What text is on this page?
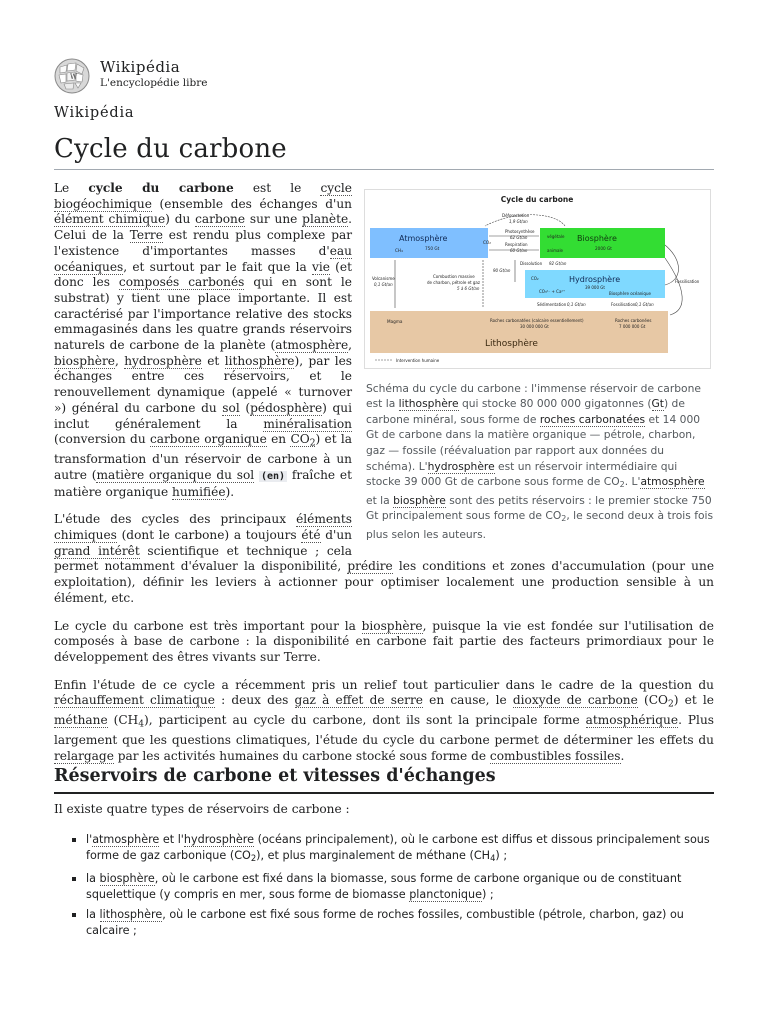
W
Wikipédia
L'encyclopédie libre
Wikipédia
Cycle du carbone
Cycle du carbone
Atmosphère
750 Gt
CH₄
CO₂	Biosphère
2000 Gt
végétale
animale
Déforestation
1,9 Gt/an
Photosynthèse
62 Gt/an
Respiration
60 Gt/an
Dissolution 92 Gt/an
90 Gt/an
Hydrosphère
39 000 Gt
CO₂
CO₃²⁻ + Ca²⁺	Biosphère océanique
Fossilisation
Volcanisme
0,1 Gt/an
Combustion massive
de charbon, pétrole et gaz
5 à 6 Gt/an
Sédimentation 0,1 Gt/an	Fossilisation 0,1 Gt/an
Magma	Roches carbonatées (calcaire essentiellement)
30 000 000 Gt
Roches carbonées
7 000 000 Gt
Lithosphère
Intervention humaine
Schéma du cycle du carbone : l'immense réservoir de carbone est la lithosphère qui stocke 80 000 000 gigatonnes (Gt) de carbone minéral, sous forme de roches carbonatées et 14 000 Gt de carbone dans la matière organique — pétrole, charbon, gaz — fossile (réévaluation par rapport aux données du schéma). L'hydrosphère est un réservoir intermédiaire qui stocke 39 000 Gt de carbone sous forme de $CO_2$. L'atmosphère et la biosphère sont des petits réservoirs : le premier stocke 750 Gt principalement sous forme de $CO_2$, le second deux à trois fois plus selon les auteurs.

Le cycle du carbone est le cycle biogéochimique (ensemble des échanges d'un élément chimique) du carbone sur une planète. Celui de la Terre est rendu plus complexe par l'existence d'importantes masses d'eau océaniques, et surtout par le fait que la vie (et donc les composés carbonés qui en sont le substrat) y tient une place importante. Il est caractérisé par l'importance relative des stocks emmagasinés dans les quatre grands réservoirs naturels de carbone de la planète (atmosphère, biosphère, hydrosphère et lithosphère), par les échanges entre ces réservoirs, et le renouvellement dynamique (appelé « turnover ») général du carbone du sol (pédosphère) qui inclut généralement la minéralisation (conversion du carbone organique en $CO_2$) et la transformation d'un réservoir de carbone à un autre (matière organique du sol (en) fraîche et matière organique humifiée).

L'étude des cycles des principaux éléments chimiques (dont le carbone) a toujours été d'un grand intérêt scientifique et technique ; cela permet notamment d'évaluer la disponibilité, prédire les conditions et zones d'accumulation (pour une exploitation), définir les leviers à actionner pour optimiser localement une production sensible à un élément, etc.

Le cycle du carbone est très important pour la biosphère, puisque la vie est fondée sur l'utilisation de composés à base de carbone : la disponibilité en carbone fait partie des facteurs primordiaux pour le développement des êtres vivants sur Terre.

Enfin l'étude de ce cycle a récemment pris un relief tout particulier dans le cadre de la question du réchauffement climatique : deux des gaz à effet de serre en cause, le dioxyde de carbone $(CO_2)$ et le méthane $(CH_4)$, participent au cycle du carbone, dont ils sont la principale forme atmosphérique. Plus largement que les questions climatiques, l'étude du cycle du carbone permet de déterminer les effets du relargage par les activités humaines du carbone stocké sous forme de combustibles fossiles.

Réservoirs de carbone et vitesses d'échanges
Il existe quatre types de réservoirs de carbone :
l'atmosphère et l'hydrosphère (océans principalement), où le carbone est diffus et dissous principalement sous forme de gaz carbonique $(CO_2)$, et plus marginalement de méthane $(CH_4)$ ;
la biosphère, où le carbone est fixé dans la biomasse, sous forme de carbone organique ou de constituant squelettique (y compris en mer, sous forme de biomasse planctonique) ;
la lithosphère, où le carbone est fixé sous forme de roches fossiles, combustible (pétrole, charbon, gaz) ou calcaire ;
